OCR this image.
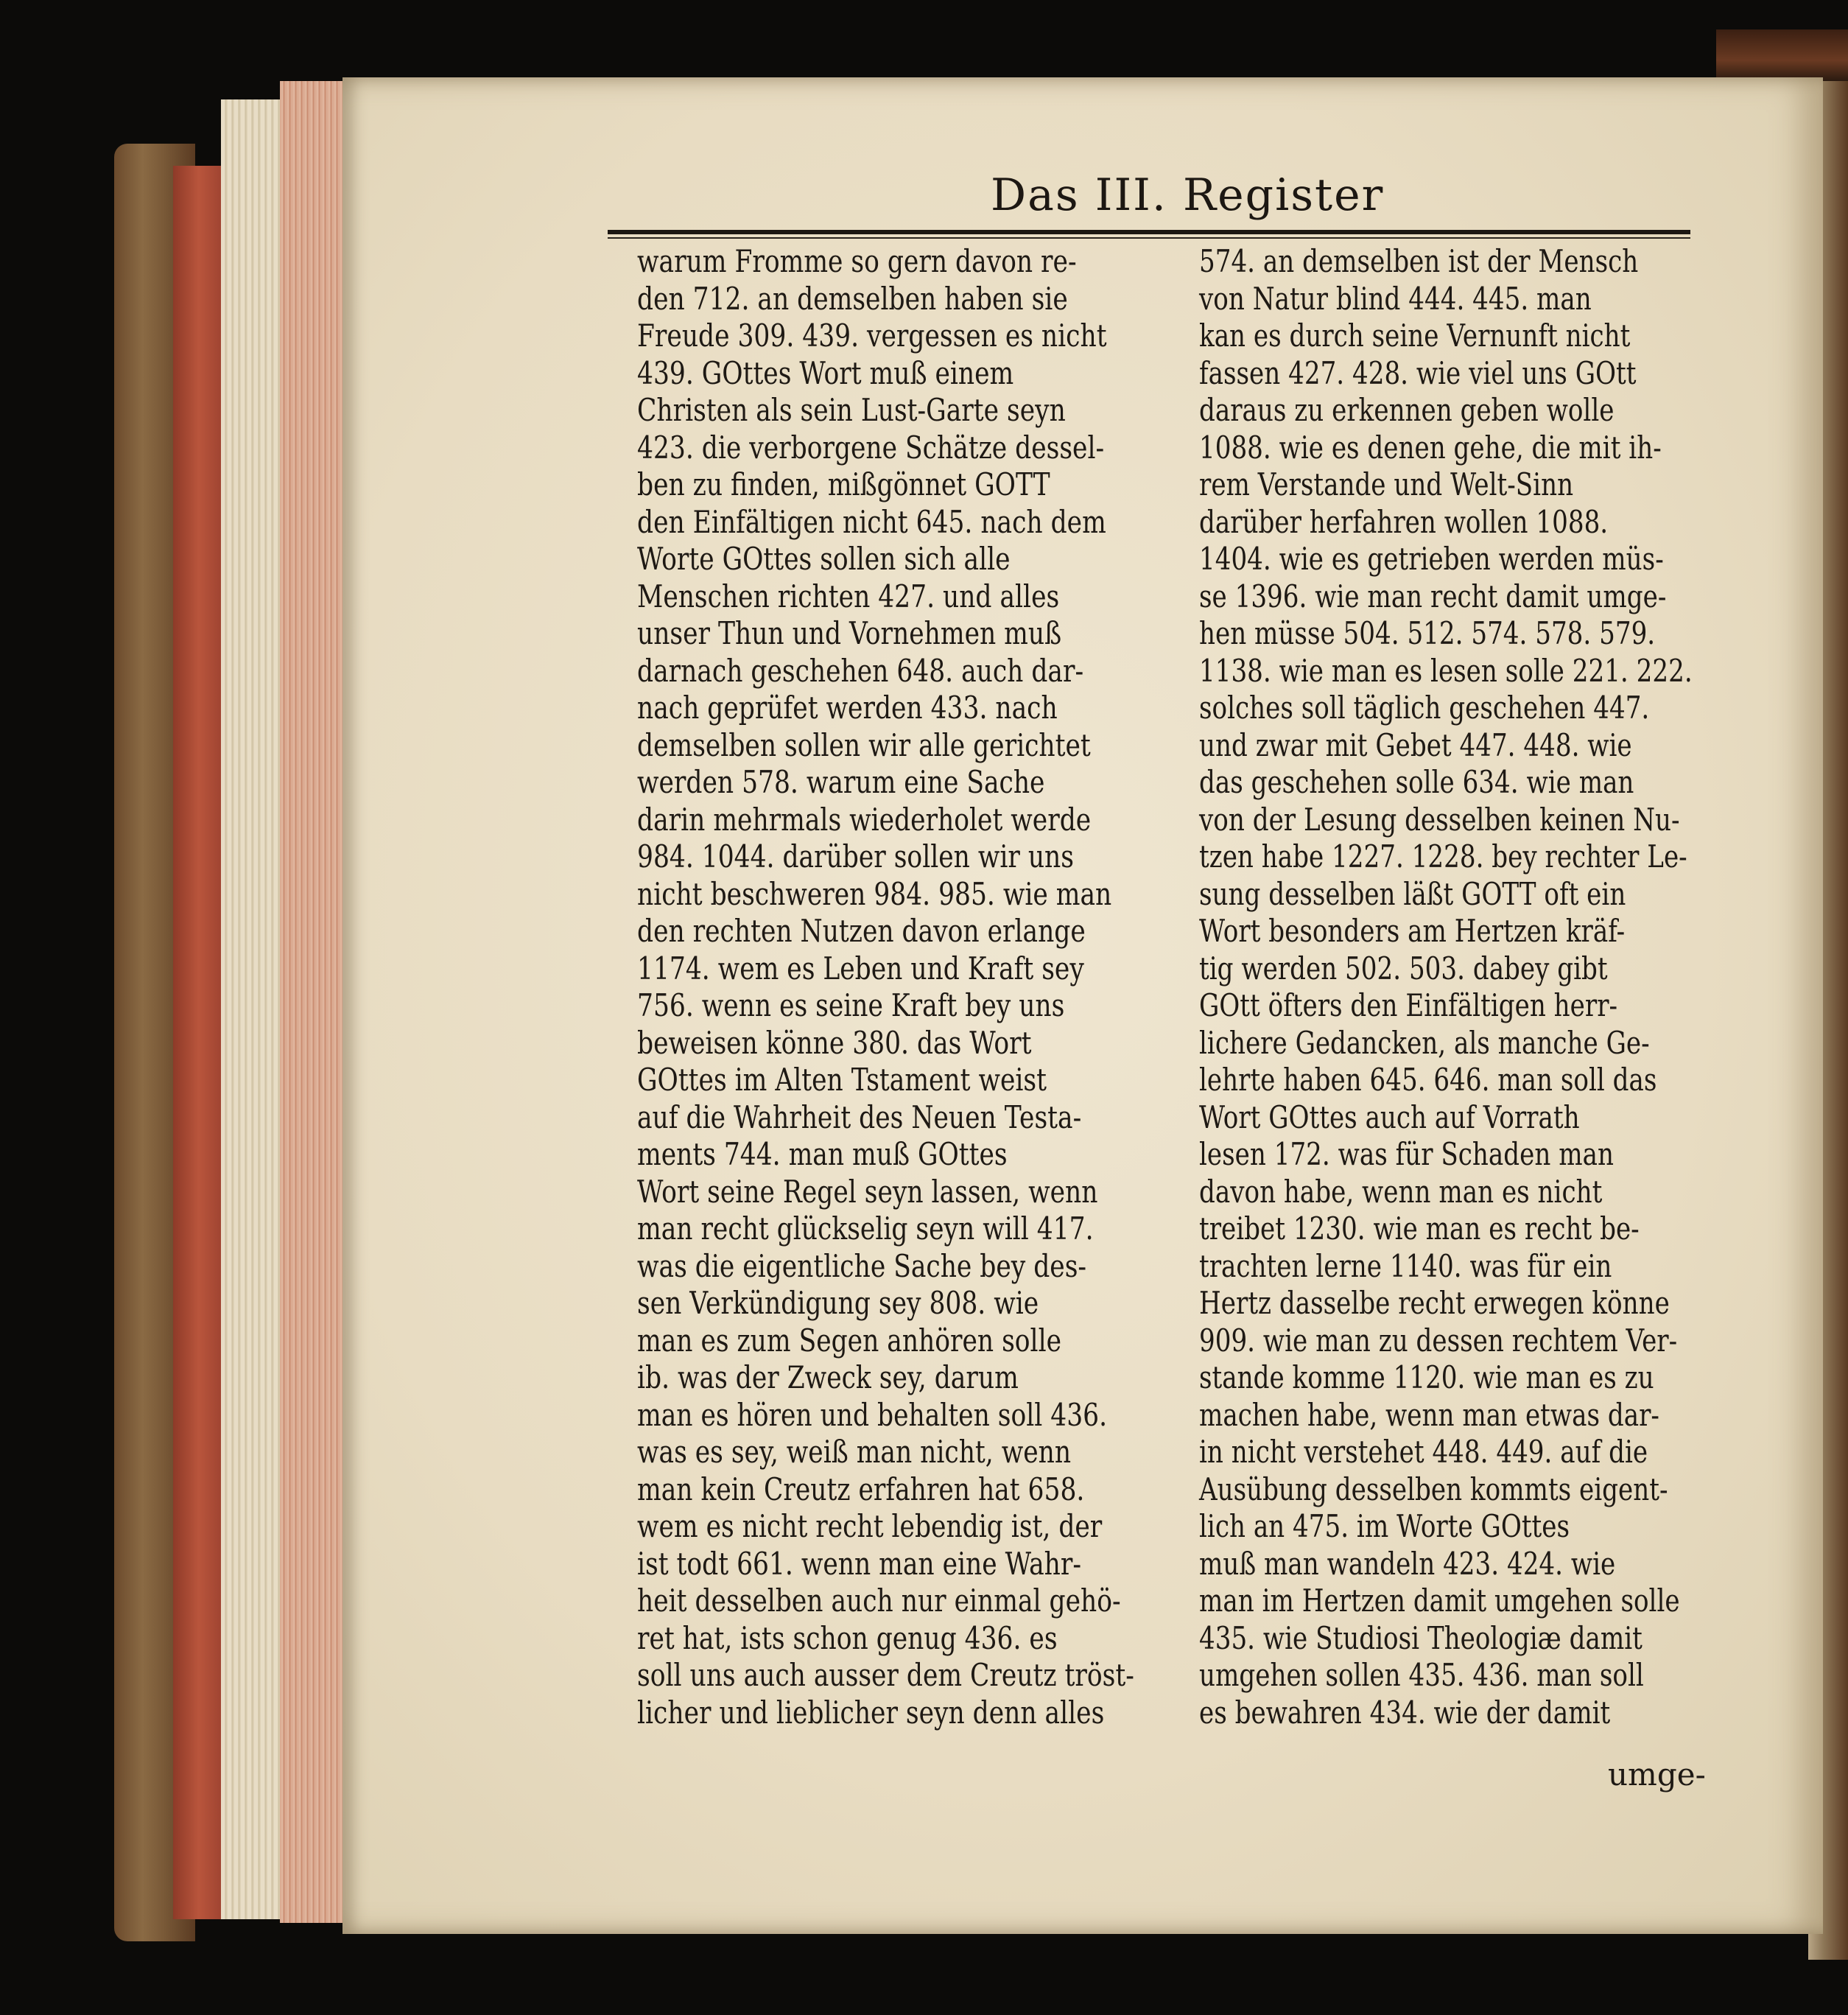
Das III. Register
warum Fromme so gern davon re-
den 712. an demselben haben sie
Freude 309. 439. vergessen es nicht
439. GOttes Wort muß einem
Christen als sein Lust-Garte seyn
423. die verborgene Schätze dessel-
ben zu finden, mißgönnet GOTT
den Einfältigen nicht 645. nach dem
Worte GOttes sollen sich alle
Menschen richten 427. und alles
unser Thun und Vornehmen muß
darnach geschehen 648. auch dar-
nach geprüfet werden 433. nach
demselben sollen wir alle gerichtet
werden 578. warum eine Sache
darin mehrmals wiederholet werde
984. 1044. darüber sollen wir uns
nicht beschweren 984. 985. wie man
den rechten Nutzen davon erlange
1174. wem es Leben und Kraft sey
756. wenn es seine Kraft bey uns
beweisen könne 380. das Wort
GOttes im Alten Tstament weist
auf die Wahrheit des Neuen Testa-
ments 744. man muß GOttes
Wort seine Regel seyn lassen, wenn
man recht glückselig seyn will 417.
was die eigentliche Sache bey des-
sen Verkündigung sey 808. wie
man es zum Segen anhören solle
ib. was der Zweck sey, darum
man es hören und behalten soll 436.
was es sey, weiß man nicht, wenn
man kein Creutz erfahren hat 658.
wem es nicht recht lebendig ist, der
ist todt 661. wenn man eine Wahr-
heit desselben auch nur einmal gehö-
ret hat, ists schon genug 436. es
soll uns auch ausser dem Creutz tröst-
licher und lieblicher seyn denn alles
574. an demselben ist der Mensch
von Natur blind 444. 445. man
kan es durch seine Vernunft nicht
fassen 427. 428. wie viel uns GOtt
daraus zu erkennen geben wolle
1088. wie es denen gehe, die mit ih-
rem Verstande und Welt-Sinn
darüber herfahren wollen 1088.
1404. wie es getrieben werden müs-
se 1396. wie man recht damit umge-
hen müsse 504. 512. 574. 578. 579.
1138. wie man es lesen solle 221. 222.
solches soll täglich geschehen 447.
und zwar mit Gebet 447. 448. wie
das geschehen solle 634. wie man
von der Lesung desselben keinen Nu-
tzen habe 1227. 1228. bey rechter Le-
sung desselben läßt GOTT oft ein
Wort besonders am Hertzen kräf-
tig werden 502. 503. dabey gibt
GOtt öfters den Einfältigen herr-
lichere Gedancken, als manche Ge-
lehrte haben 645. 646. man soll das
Wort GOttes auch auf Vorrath
lesen 172. was für Schaden man
davon habe, wenn man es nicht
treibet 1230. wie man es recht be-
trachten lerne 1140. was für ein
Hertz dasselbe recht erwegen könne
909. wie man zu dessen rechtem Ver-
stande komme 1120. wie man es zu
machen habe, wenn man etwas dar-
in nicht verstehet 448. 449. auf die
Ausübung desselben kommts eigent-
lich an 475. im Worte GOttes
muß man wandeln 423. 424. wie
man im Hertzen damit umgehen solle
435. wie Studiosi Theologiæ damit
umgehen sollen 435. 436. man soll
es bewahren 434. wie der damit
umge-
